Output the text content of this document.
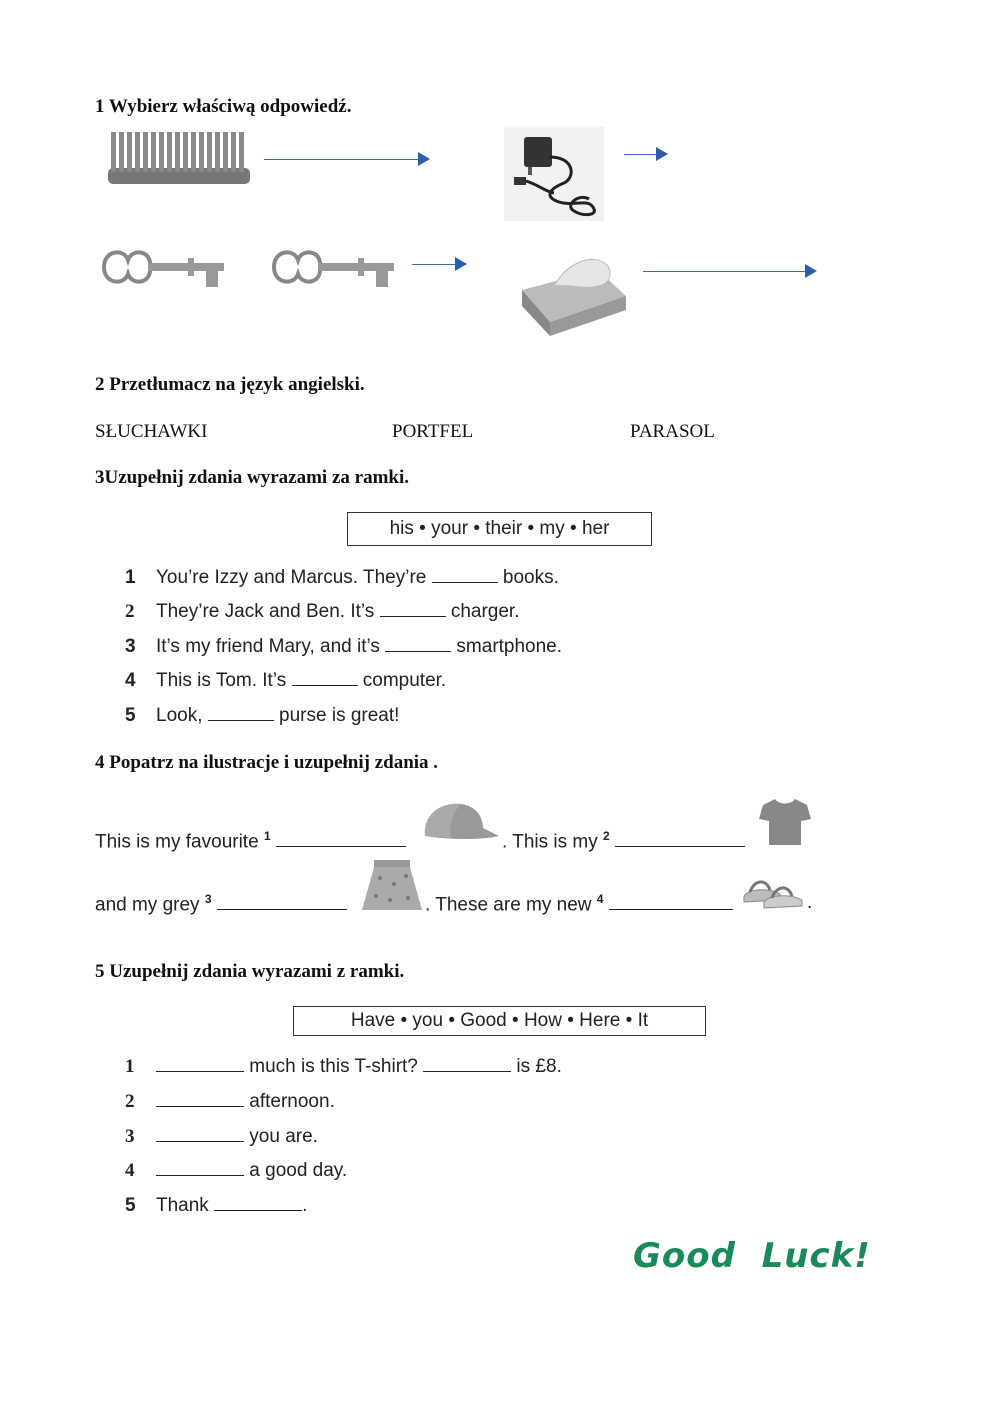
1 Wybierz właściwą odpowiedź.
2 Przetłumacz na język angielski.
SŁUCHAWKI	PORTFEL	PARASOL
3Uzupełnij zdania wyrazami za ramki.
his • your • their • my • her
1 You’re Izzy and Marcus. They’re	books.
2 They’re Jack and Ben. It’s	charger.
3 It’s my friend Mary, and it’s	smartphone.
4 This is Tom. It’s	computer.
5 Look,	purse is great!
4 Popatrz na ilustracje i uzupełnij zdania .
This is my favourite $^1$	. This is my $^2$
and my grey $^3$	. These are my new $^4$	.
5 Uzupełnij zdania wyrazami z ramki.
Have • you • Good • How • Here • It
1	much is this T-shirt?	is £8.
2	afternoon.
3	you are.
4	a good day.
5 Thank	.
Good  Luck!
